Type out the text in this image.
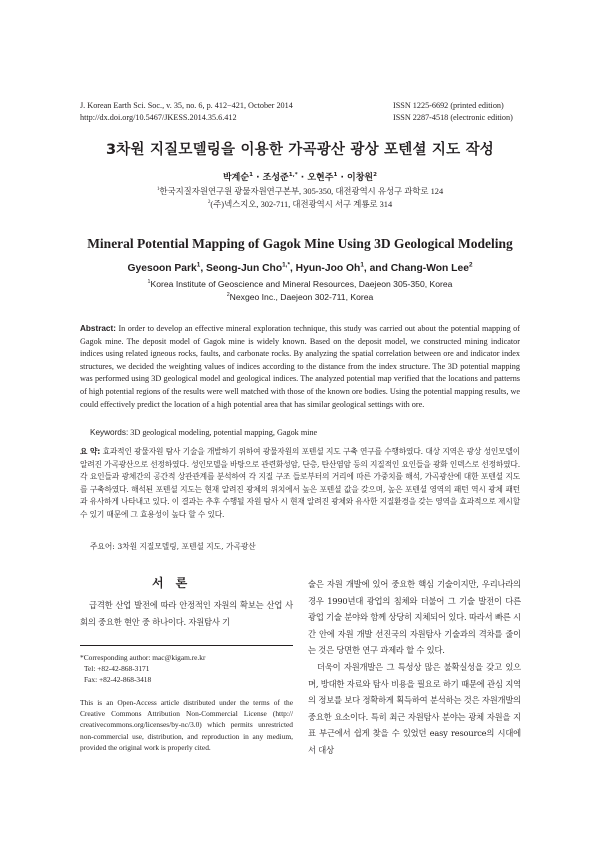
J. Korean Earth Sci. Soc., v. 35, no. 6, p. 412−421, October 2014
http://dx.doi.org/10.5467/JKESS.2014.35.6.412
ISSN 1225-6692 (printed edition)
ISSN 2287-4518 (electronic edition)
3차원 지질모델링을 이용한 가곡광산 광상 포텐셜 지도 작성
박계순$^1$ · 조성준$^{1,*}$ · 오현주$^1$ · 이창원$^2$
$^1$한국지질자원연구원 광물자원연구본부, 305-350, 대전광역시 유성구 과학로 124
$^2$(주)넥스지오, 302-711, 대전광역시 서구 계룡로 314
Mineral Potential Mapping of Gagok Mine Using 3D Geological Modeling
Gyesoon Park$^1$, Seong-Jun Cho$^{1,*}$, Hyun-Joo Oh$^1$, and Chang-Won Lee$^2$
$^1$Korea Institute of Geoscience and Mineral Resources, Daejeon 305-350, Korea
$^2$Nexgeo Inc., Daejeon 302-711, Korea
Abstract: In order to develop an effective mineral exploration technique, this study was carried out about the potential mapping of Gagok mine. The deposit model of Gagok mine is widely known. Based on the deposit model, we constructed mining indicator indices using related igneous rocks, faults, and carbonate rocks. By analyzing the spatial correlation between ore and indicator index structures, we decided the weighting values of indices according to the distance from the index structure. The 3D potential mapping was performed using 3D geological model and geological indices. The analyzed potential map verified that the locations and patterns of high potential regions of the results were well matched with those of the known ore bodies. Using the potential mapping results, we could effectively predict the location of a high potential area that has similar geological settings with ore.
Keywords: 3D geological modeling, potential mapping, Gagok mine
요 약: 효과적인 광물자원 탐사 기술을 개발하기 위하여 광물자원의 포텐셜 지도 구축 연구를 수행하였다. 대상 지역은 광상 성인모델이 알려진 가곡광산으로 선정하였다. 성인모델을 바탕으로 관련화성암, 단층, 탄산염암 등의 지질적인 요인들을 광화 인덱스로 선정하였다. 각 요인들과 광체간의 공간적 상관관계를 분석하여 각 지질 구조 들로부터의 거리에 따른 가중치를 해석, 가곡광산에 대한 포텐셜 지도를 구축하였다. 해석된 포텐셜 지도는 현재 알려진 광체의 위치에서 높은 포텐셜 값을 갖으며, 높은 포텐셜 영역의 패턴 역시 광체 패턴과 유사하게 나타내고 있다. 이 결과는 추후 수행될 자원 탐사 시 현재 알려진 광체와 유사한 지질환경을 갖는 영역을 효과적으로 제시할 수 있기 때문에 그 효용성이 높다 할 수 있다.
주요어: 3차원 지질모델링, 포텐셜 지도, 가곡광산
서론

급격한 산업 발전에 따라 안정적인 자원의 확보는 산업 사회의 중요한 현안 중 하나이다. 자원탐사 기

*Corresponding author: mac@kigam.re.kr
Tel: +82-42-868-3171
Fax: +82-42-868-3418
This is an Open-Access article distributed under the terms of the Creative Commons Attribution Non-Commercial License (http:// creativecommons.org/licenses/by-nc/3.0) which permits unrestricted non-commercial use, distribution, and reproduction in any medium, provided the original work is properly cited.

술은 자원 개발에 있어 중요한 핵심 기술이지만, 우리나라의 경우 1990년대 광업의 침체와 더불어 그 기술 발전이 다른 광업 기술 분야와 함께 상당히 지체되어 있다. 따라서 빠른 시간 안에 자원 개발 선진국의 자원탐사 기술과의 격차를 줄이는 것은 당면한 연구 과제라 할 수 있다.

더욱이 자원개발은 그 특성상 많은 불확실성을 갖고 있으며, 방대한 자료와 탐사 비용을 필요로 하기 때문에 관심 지역의 정보를 보다 정확하게 획득하여 분석하는 것은 자원개발의 중요한 요소이다. 특히 최근 자원탐사 분야는 광체 자원을 지표 부근에서 쉽게 찾을 수 있었던 easy resource의 시대에서 대상
